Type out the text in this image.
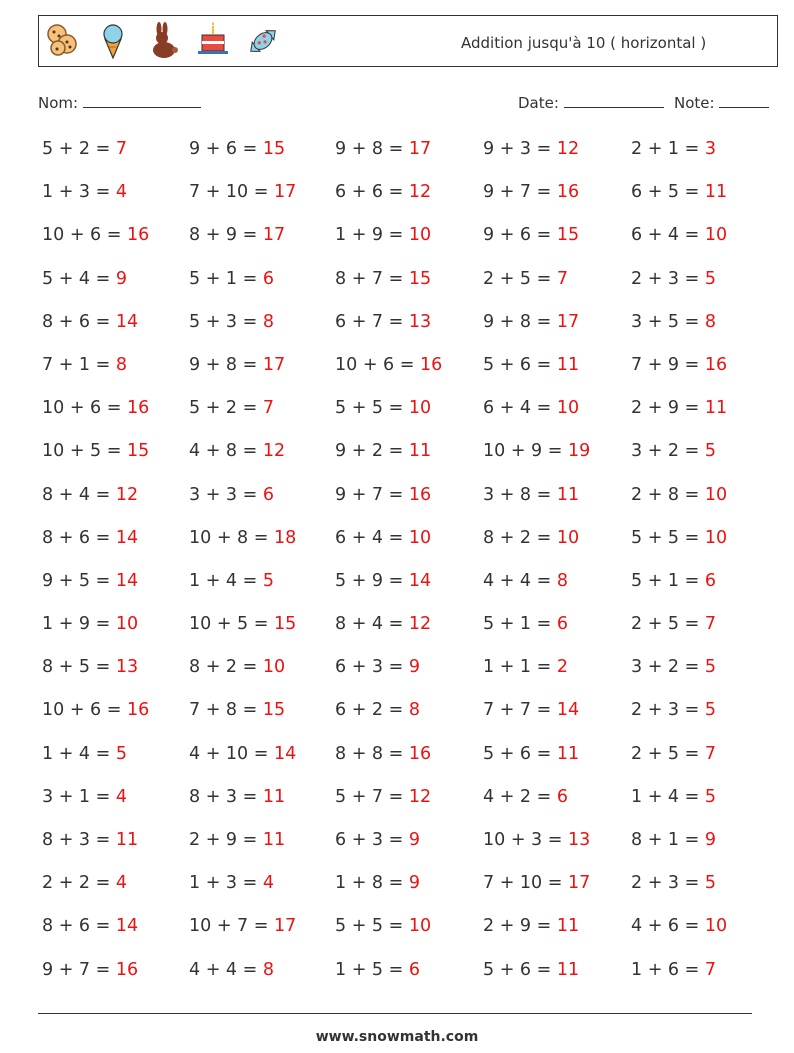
Addition jusqu'à 10 ( horizontal )
Nom:	Date:	Note:
5 + 2 = 7	9 + 6 = 15	9 + 8 = 17	9 + 3 = 12	2 + 1 = 3
1 + 3 = 4	7 + 10 = 17 6 + 6 = 12	9 + 7 = 16	6 + 5 = 11
10 + 6 = 16 8 + 9 = 17	1 + 9 = 10	9 + 6 = 15	6 + 4 = 10
5 + 4 = 9	5 + 1 = 6	8 + 7 = 15	2 + 5 = 7	2 + 3 = 5
8 + 6 = 14	5 + 3 = 8	6 + 7 = 13	9 + 8 = 17	3 + 5 = 8
7 + 1 = 8	9 + 8 = 17	10 + 6 = 16 5 + 6 = 11	7 + 9 = 16
10 + 6 = 16 5 + 2 = 7	5 + 5 = 10	6 + 4 = 10	2 + 9 = 11
10 + 5 = 15 4 + 8 = 12	9 + 2 = 11	10 + 9 = 19 3 + 2 = 5
8 + 4 = 12	3 + 3 = 6	9 + 7 = 16	3 + 8 = 11	2 + 8 = 10
8 + 6 = 14	10 + 8 = 18 6 + 4 = 10	8 + 2 = 10	5 + 5 = 10
9 + 5 = 14	1 + 4 = 5	5 + 9 = 14	4 + 4 = 8	5 + 1 = 6
1 + 9 = 10	10 + 5 = 15 8 + 4 = 12	5 + 1 = 6	2 + 5 = 7
8 + 5 = 13	8 + 2 = 10	6 + 3 = 9	1 + 1 = 2	3 + 2 = 5
10 + 6 = 16 7 + 8 = 15	6 + 2 = 8	7 + 7 = 14	2 + 3 = 5
1 + 4 = 5	4 + 10 = 14 8 + 8 = 16	5 + 6 = 11	2 + 5 = 7
3 + 1 = 4	8 + 3 = 11	5 + 7 = 12	4 + 2 = 6	1 + 4 = 5
8 + 3 = 11	2 + 9 = 11	6 + 3 = 9	10 + 3 = 13 8 + 1 = 9
2 + 2 = 4	1 + 3 = 4	1 + 8 = 9	7 + 10 = 17 2 + 3 = 5
8 + 6 = 14	10 + 7 = 17 5 + 5 = 10	2 + 9 = 11	4 + 6 = 10
9 + 7 = 16	4 + 4 = 8	1 + 5 = 6	5 + 6 = 11	1 + 6 = 7
www.snowmath.com
